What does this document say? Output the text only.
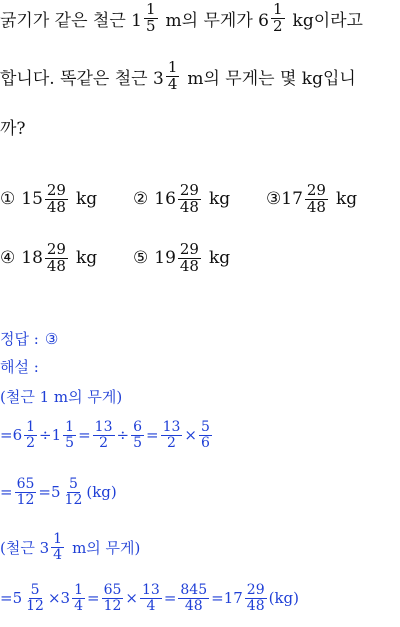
굵기가 같은 철근 $1 \frac{1}{5}$ m의 무게가 $6 \frac{1}{2}$ kg이라고
합니다. 똑같은 철근 $3 \frac{1}{4}$ m의 무게는 몇 kg입니
까?
① $15 \frac{29}{48}$ kg ② $16 \frac{29}{48}$ kg ③ $17 \frac{29}{48}$ kg
④ $18 \frac{29}{48}$ kg ⑤ $19 \frac{29}{48}$ kg
정답 : ③
해설 :
(철근 1 m의 무게)
$=6 \frac{1}{2} \div 1 \frac{1}{5} = \frac{13}{2} \div \frac{6}{5} = \frac{13}{2} \times \frac{5}{6}$
= $\frac{65}{12} =5 \frac{5}{12} (kg)$
(철근 $3 \frac{1}{4}$ m의 무게)
$=5 \frac{5}{12} \times 3 \frac{1}{4} = \frac{65}{12} \times \frac{13}{4} = \frac{845}{48} =17 \frac{29}{48} (kg)$
